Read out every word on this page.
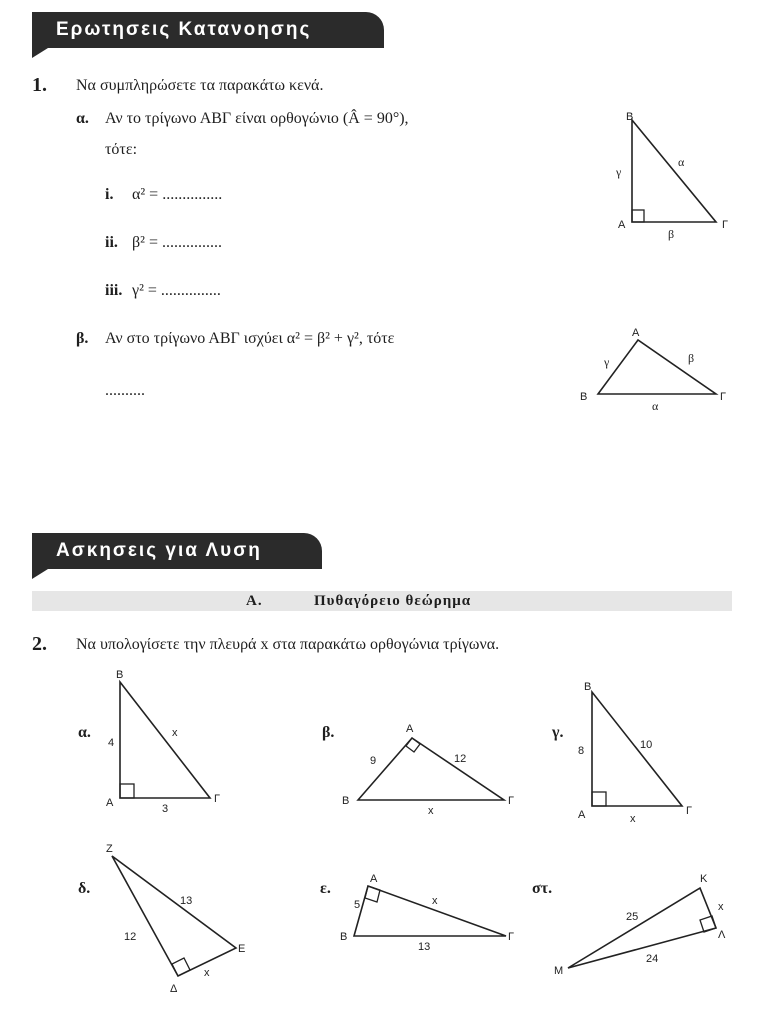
Ερωτησεις Κατανοησης
1. Να συμπληρώσετε τα παρακάτω κενά.
α. Αν το τρίγωνο ΑΒΓ είναι ορθογώνιο (Â = 90°),
τότε:
i. α² = ...............
ii. β² = ...............
iii. γ² = ...............
Β
Α	Γ
α
γ
β
β. Αν στο τρίγωνο ΑΒΓ ισχύει α² = β² + γ², τότε
..........
Α
Β	Γ
γ	β
α
Ασκησεις για Λυση
Α.	Πυθαγόρειο θεώρημα
2. Να υπολογίσετε την πλευρά x στα παρακάτω ορθογώνια τρίγωνα.
α.
Β
Α	Γ
4
3
x	β.	Α
Β	Γ
9	12
x
γ.
Β
Α	Γ
8	10
x
δ.
Ζ
Δ
Ε
12
13
x
ε.
Α
Β	Γ
5	x
13
στ.
Κ
Λ
Μ
25
x
24
